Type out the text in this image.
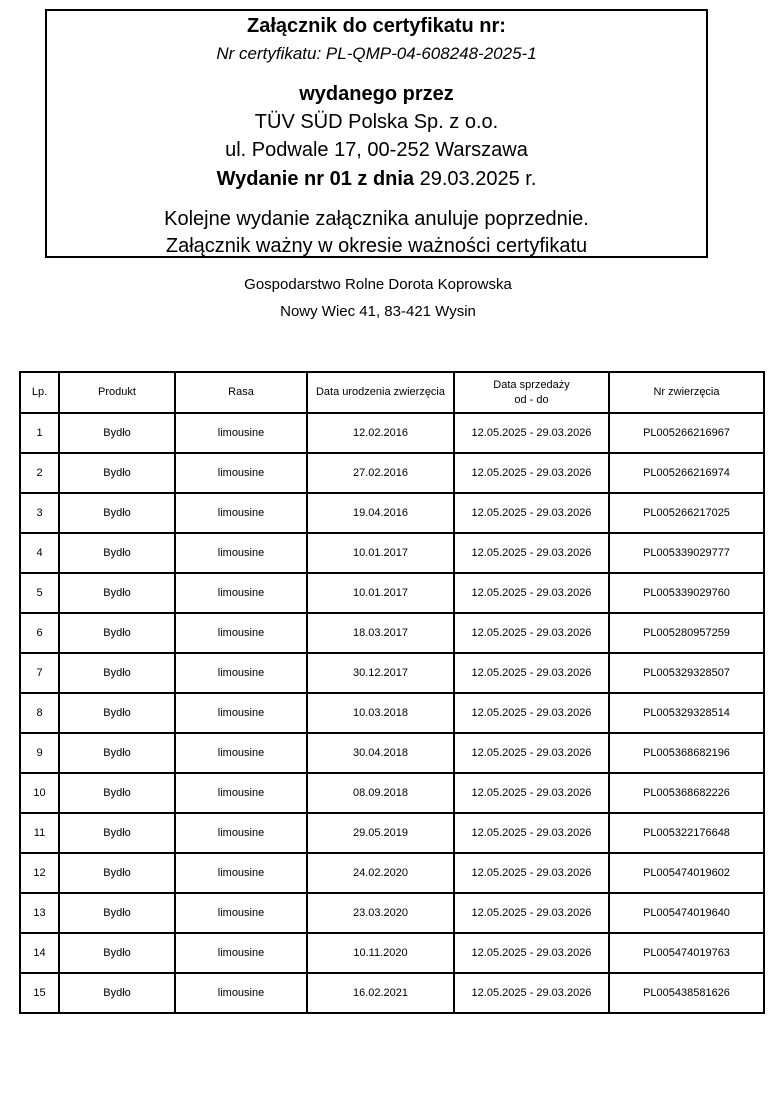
Załącznik do certyfikatu nr:
Nr certyfikatu: PL-QMP-04-608248-2025-1
wydanego przez
TÜV SÜD Polska Sp. z o.o.
ul. Podwale 17, 00-252 Warszawa
Wydanie nr 01 z dnia 29.03.2025 r.
Kolejne wydanie załącznika anuluje poprzednie.
Załącznik ważny w okresie ważności certyfikatu
Gospodarstwo Rolne Dorota Koprowska
Nowy Wiec 41, 83-421 Wysin
Lp.	Produkt	Rasa	Data urodzenia zwierzęcia	Data sprzedaży
od - do	Nr zwierzęcia
1	Bydło	limousine	12.02.2016	12.05.2025 - 29.03.2026	PL005266216967
2	Bydło	limousine	27.02.2016	12.05.2025 - 29.03.2026	PL005266216974
3	Bydło	limousine	19.04.2016	12.05.2025 - 29.03.2026	PL005266217025
4	Bydło	limousine	10.01.2017	12.05.2025 - 29.03.2026	PL005339029777
5	Bydło	limousine	10.01.2017	12.05.2025 - 29.03.2026	PL005339029760
6	Bydło	limousine	18.03.2017	12.05.2025 - 29.03.2026	PL005280957259
7	Bydło	limousine	30.12.2017	12.05.2025 - 29.03.2026	PL005329328507
8	Bydło	limousine	10.03.2018	12.05.2025 - 29.03.2026	PL005329328514
9	Bydło	limousine	30.04.2018	12.05.2025 - 29.03.2026	PL005368682196
10	Bydło	limousine	08.09.2018	12.05.2025 - 29.03.2026	PL005368682226
11	Bydło	limousine	29.05.2019	12.05.2025 - 29.03.2026	PL005322176648
12	Bydło	limousine	24.02.2020	12.05.2025 - 29.03.2026	PL005474019602
13	Bydło	limousine	23.03.2020	12.05.2025 - 29.03.2026	PL005474019640
14	Bydło	limousine	10.11.2020	12.05.2025 - 29.03.2026	PL005474019763
15	Bydło	limousine	16.02.2021	12.05.2025 - 29.03.2026	PL005438581626
